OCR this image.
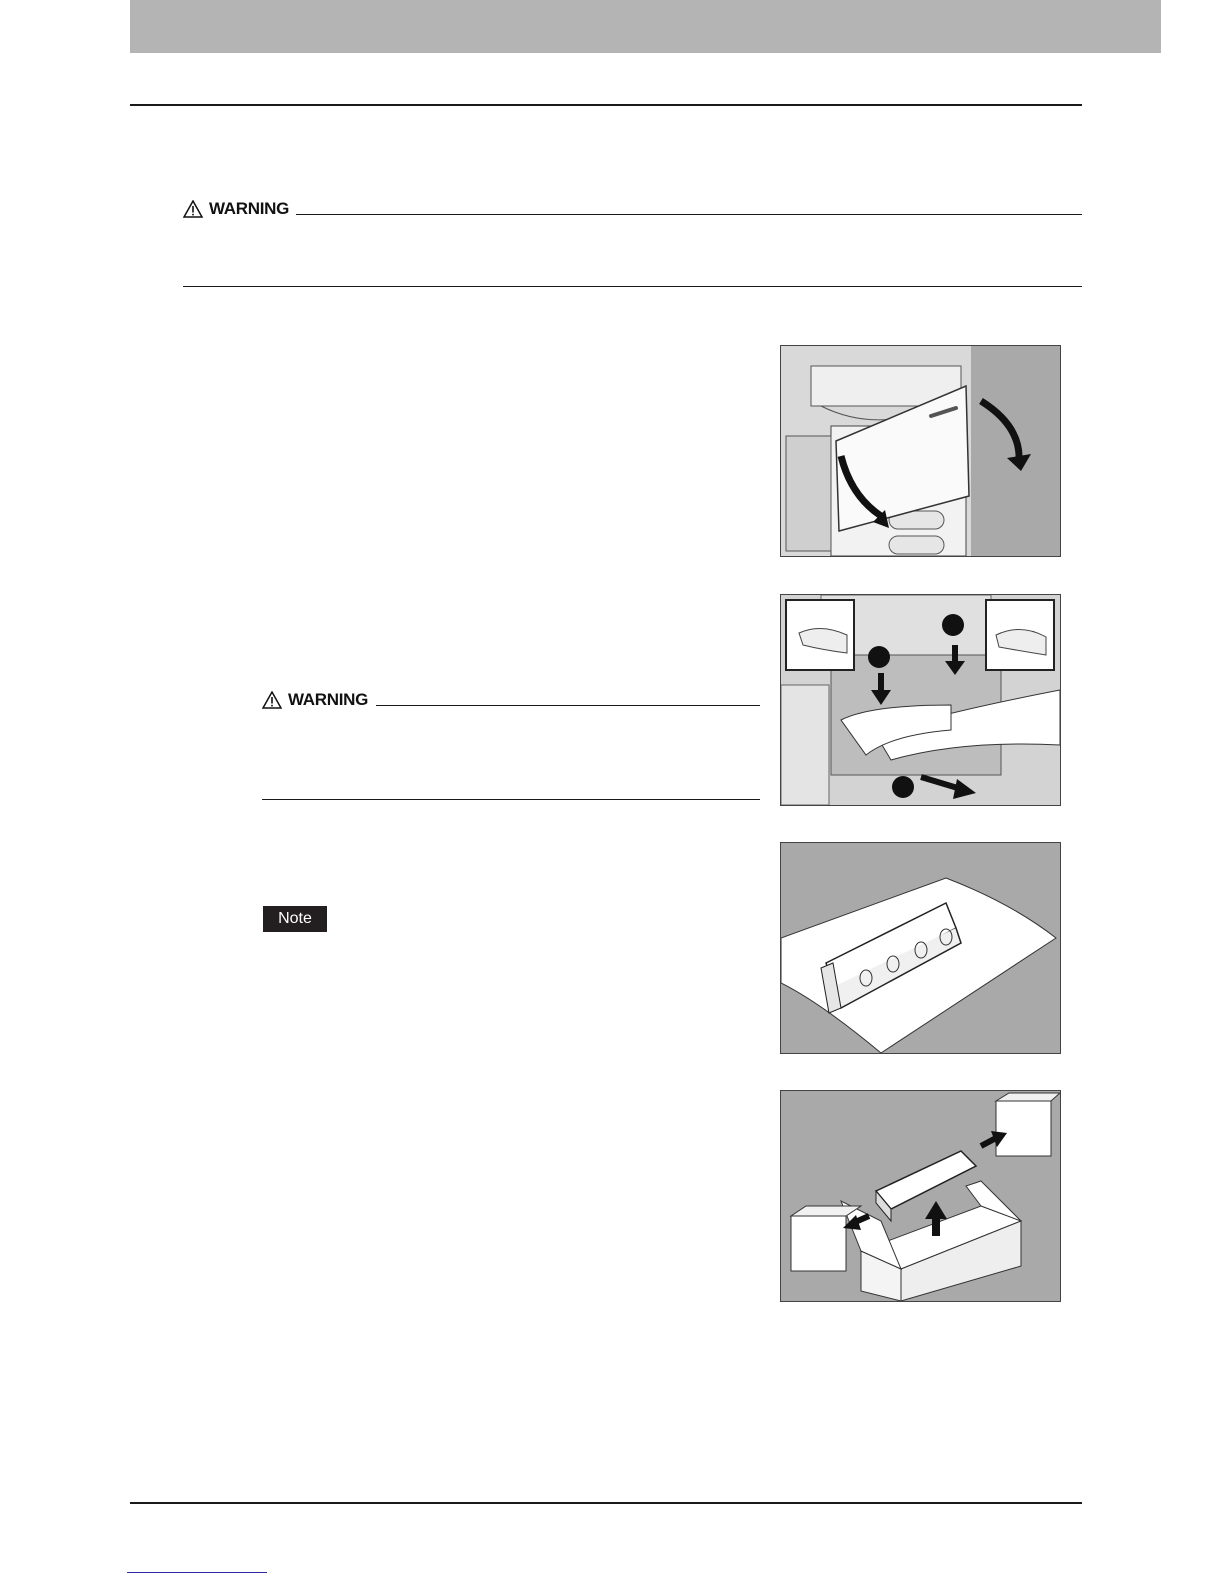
WARNING
WARNING
Note
